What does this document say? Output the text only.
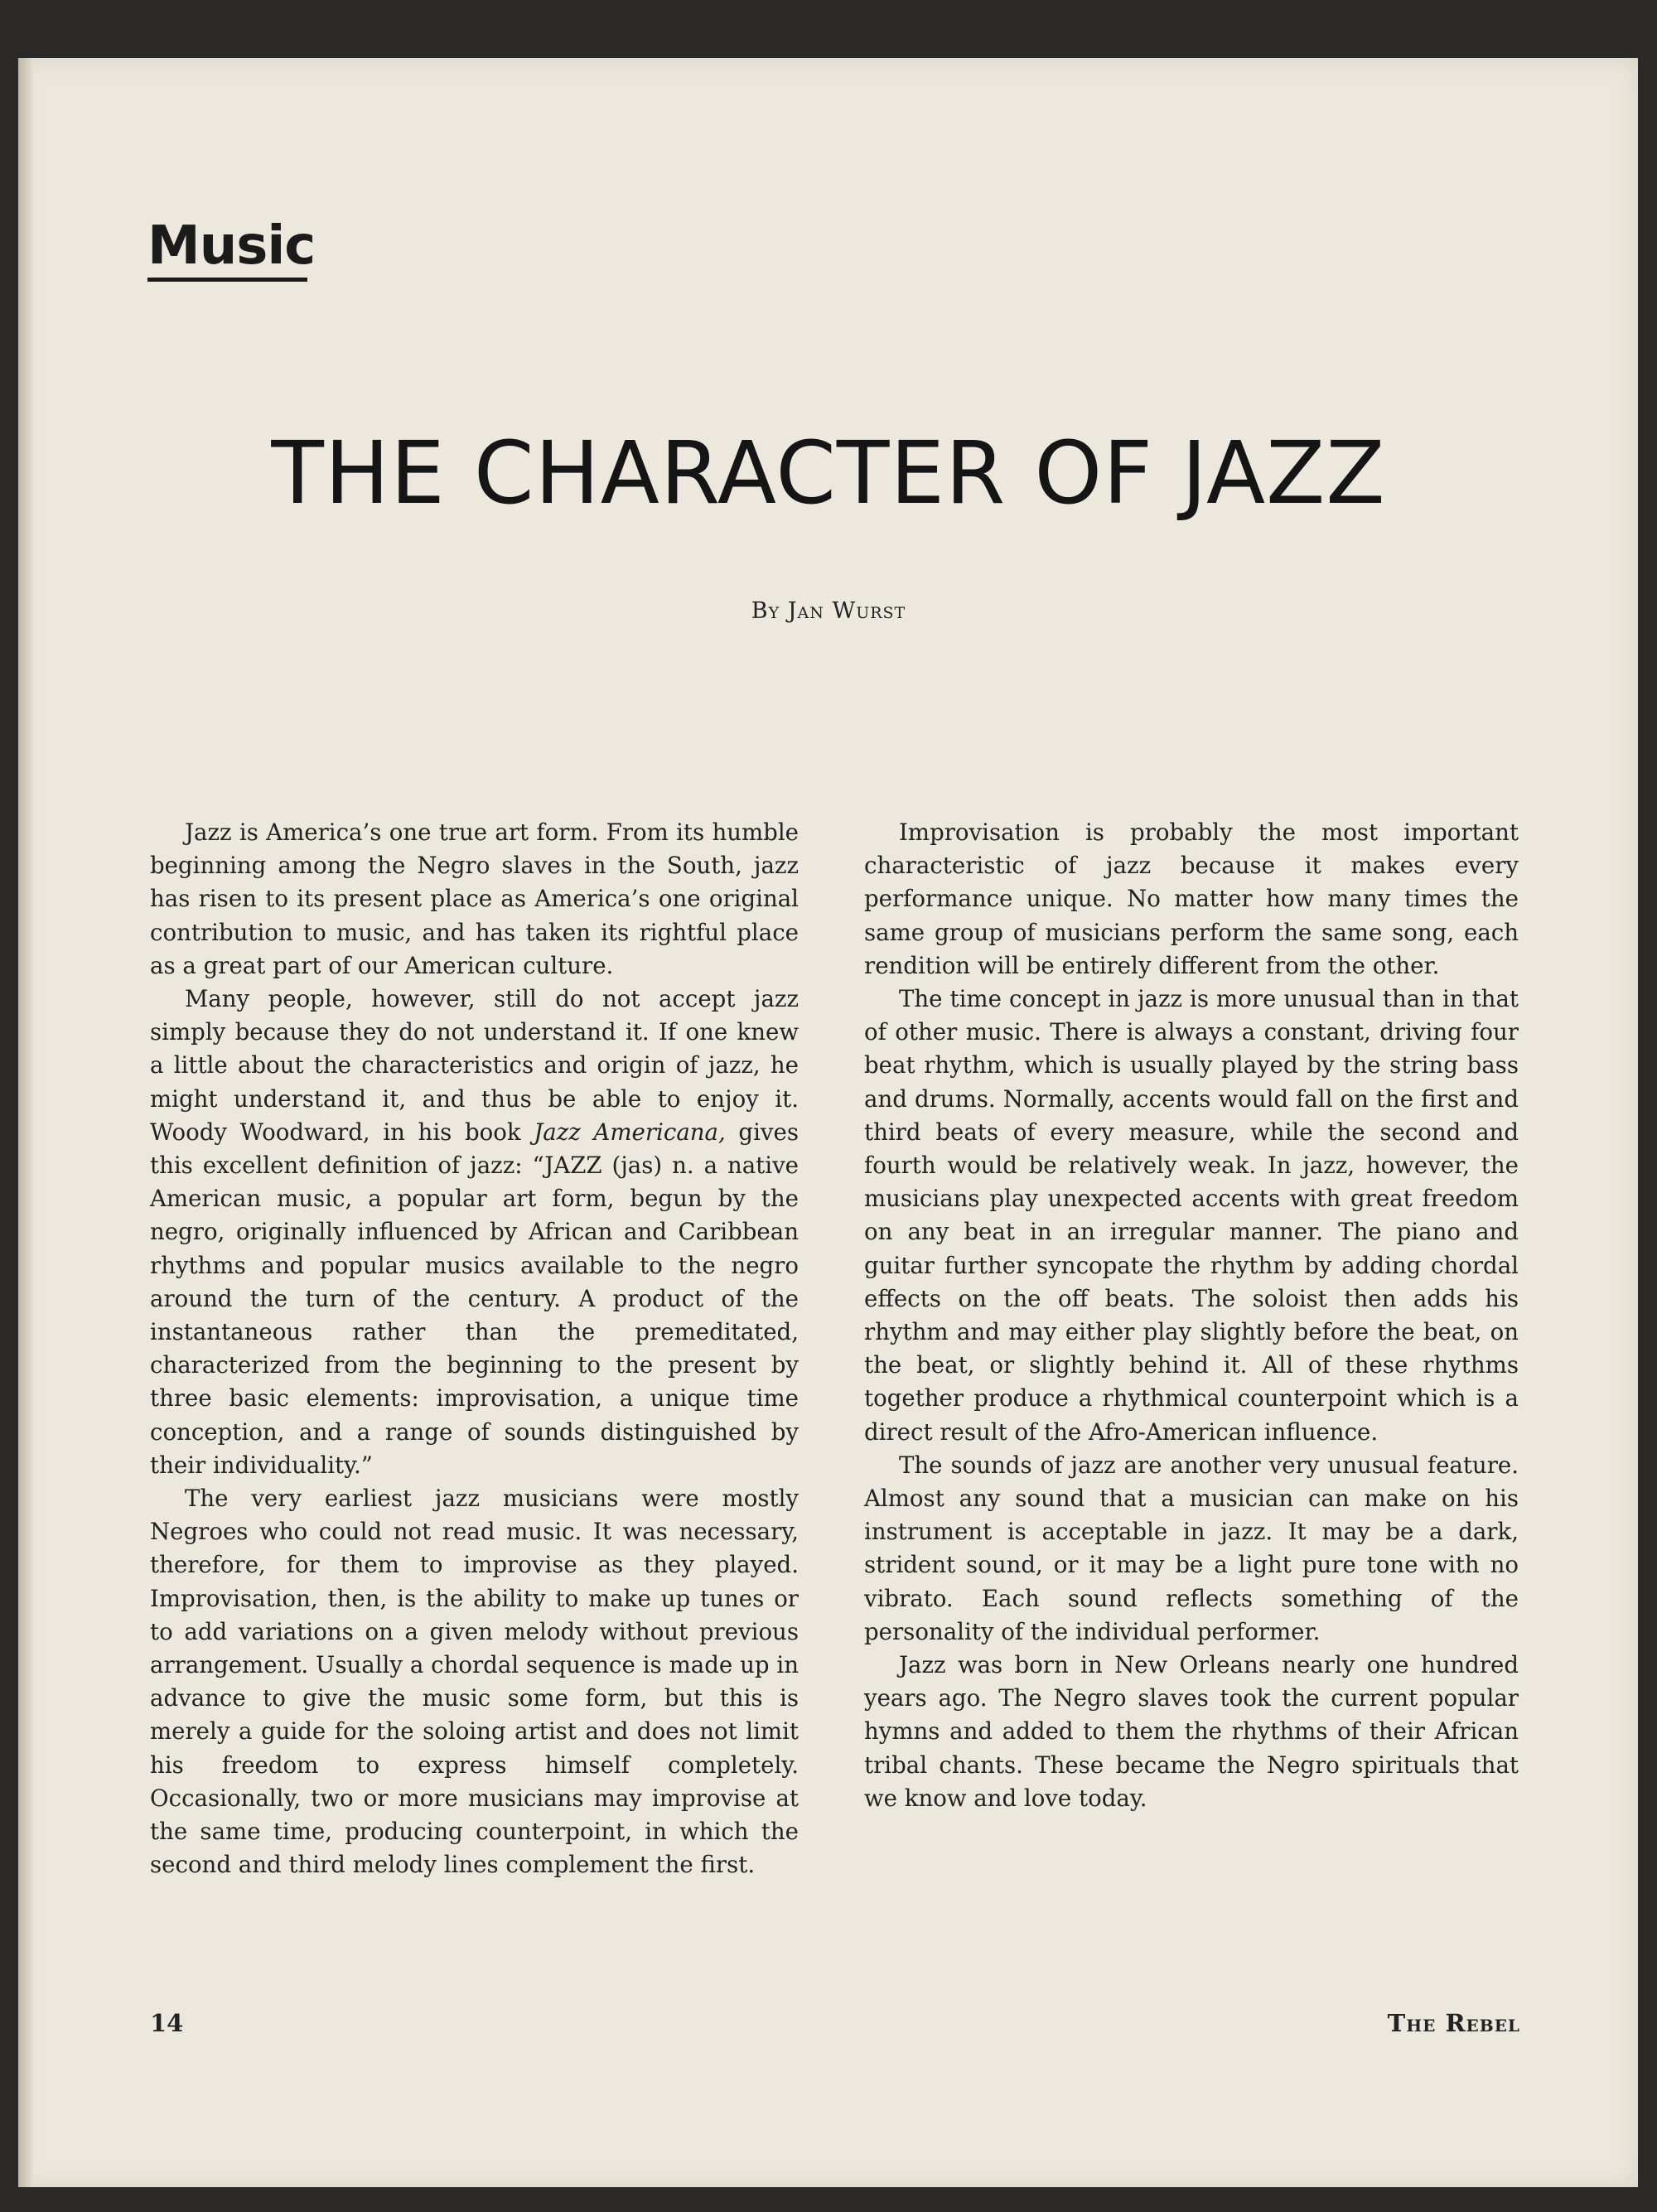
Music
THE CHARACTER OF JAZZ
By Jan Wurst

Jazz is America’s one true art form. From its humble beginning among the Negro slaves in the South, jazz has risen to its present place as America’s one original contribution to music, and has taken its rightful place as a great part of our American culture.

Many people, however, still do not accept jazz simply because they do not understand it. If one knew a little about the characteristics and origin of jazz, he might understand it, and thus be able to enjoy it. Woody Woodward, in his book Jazz Americana, gives this excellent definition of jazz: “JAZZ (jas) n. a native American music, a popular art form, begun by the negro, originally influenced by African and Caribbean rhythms and popular musics available to the negro around the turn of the century. A product of the instantaneous rather than the premeditated, characterized from the beginning to the present by three basic elements: improvisation, a unique time conception, and a range of sounds distinguished by their individuality.”

The very earliest jazz musicians were mostly Negroes who could not read music. It was necessary, therefore, for them to improvise as they played. Improvisation, then, is the ability to make up tunes or to add variations on a given melody without previous arrangement. Usually a chordal sequence is made up in advance to give the music some form, but this is merely a guide for the soloing artist and does not limit his freedom to express himself completely. Occasionally, two or more musicians may improvise at the same time, producing counterpoint, in which the second and third melody lines complement the first.

Improvisation is probably the most important characteristic of jazz because it makes every performance unique. No matter how many times the same group of musicians perform the same song, each rendition will be entirely different from the other.

The time concept in jazz is more unusual than in that of other music. There is always a constant, driving four beat rhythm, which is usually played by the string bass and drums. Normally, accents would fall on the first and third beats of every measure, while the second and fourth would be relatively weak. In jazz, however, the musicians play unexpected accents with great freedom on any beat in an irregular manner. The piano and guitar further syncopate the rhythm by adding chordal effects on the off beats. The soloist then adds his rhythm and may either play slightly before the beat, on the beat, or slightly behind it. All of these rhythms together produce a rhythmical counterpoint which is a direct result of the Afro-American influence.

The sounds of jazz are another very unusual feature. Almost any sound that a musician can make on his instrument is acceptable in jazz. It may be a dark, strident sound, or it may be a light pure tone with no vibrato. Each sound reflects something of the personality of the individual performer.

Jazz was born in New Orleans nearly one hundred years ago. The Negro slaves took the current popular hymns and added to them the rhythms of their African tribal chants. These became the Negro spirituals that we know and love today.

14	The Rebel
